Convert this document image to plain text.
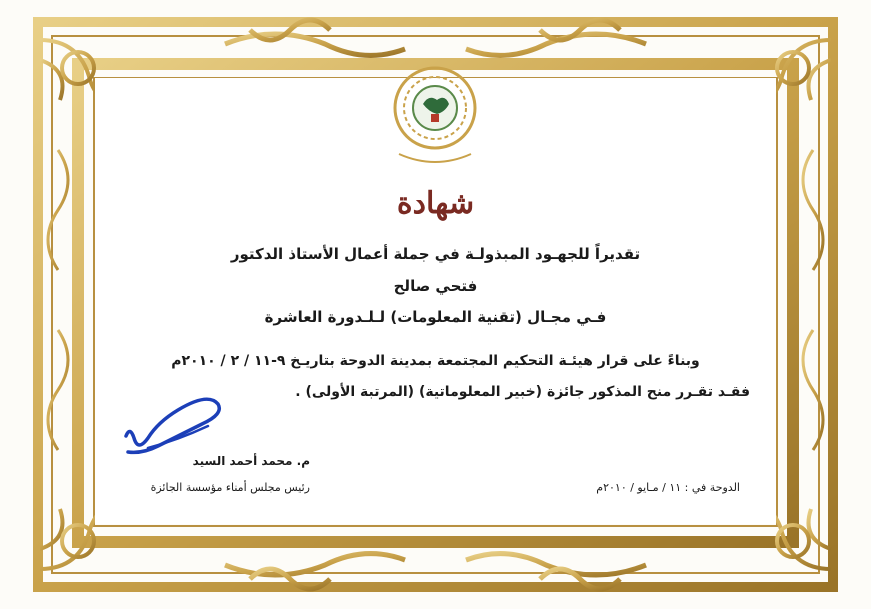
شهادة
تقديراً للجهـود المبذولـة في جملة أعمال الأستاذ الدكتور
فتحي صالح
فـي مجـال (تقنية المعلومات) لـلـدورة العاشرة
وبناءً على قرار هيئـة التحكيم المجتمعة بمدينة الدوحة بتاريـخ ٩-١١ / ٢ / ٢٠١٠م
فقـد تقـرر منح المذكور جائزة (خبير المعلوماتية) (المرتبة الأولى) .
م. محمد أحمد السيد
رئيس مجلس أمناء مؤسسة الجائزة	الدوحة في : ١١ / مـايو / ٢٠١٠م
